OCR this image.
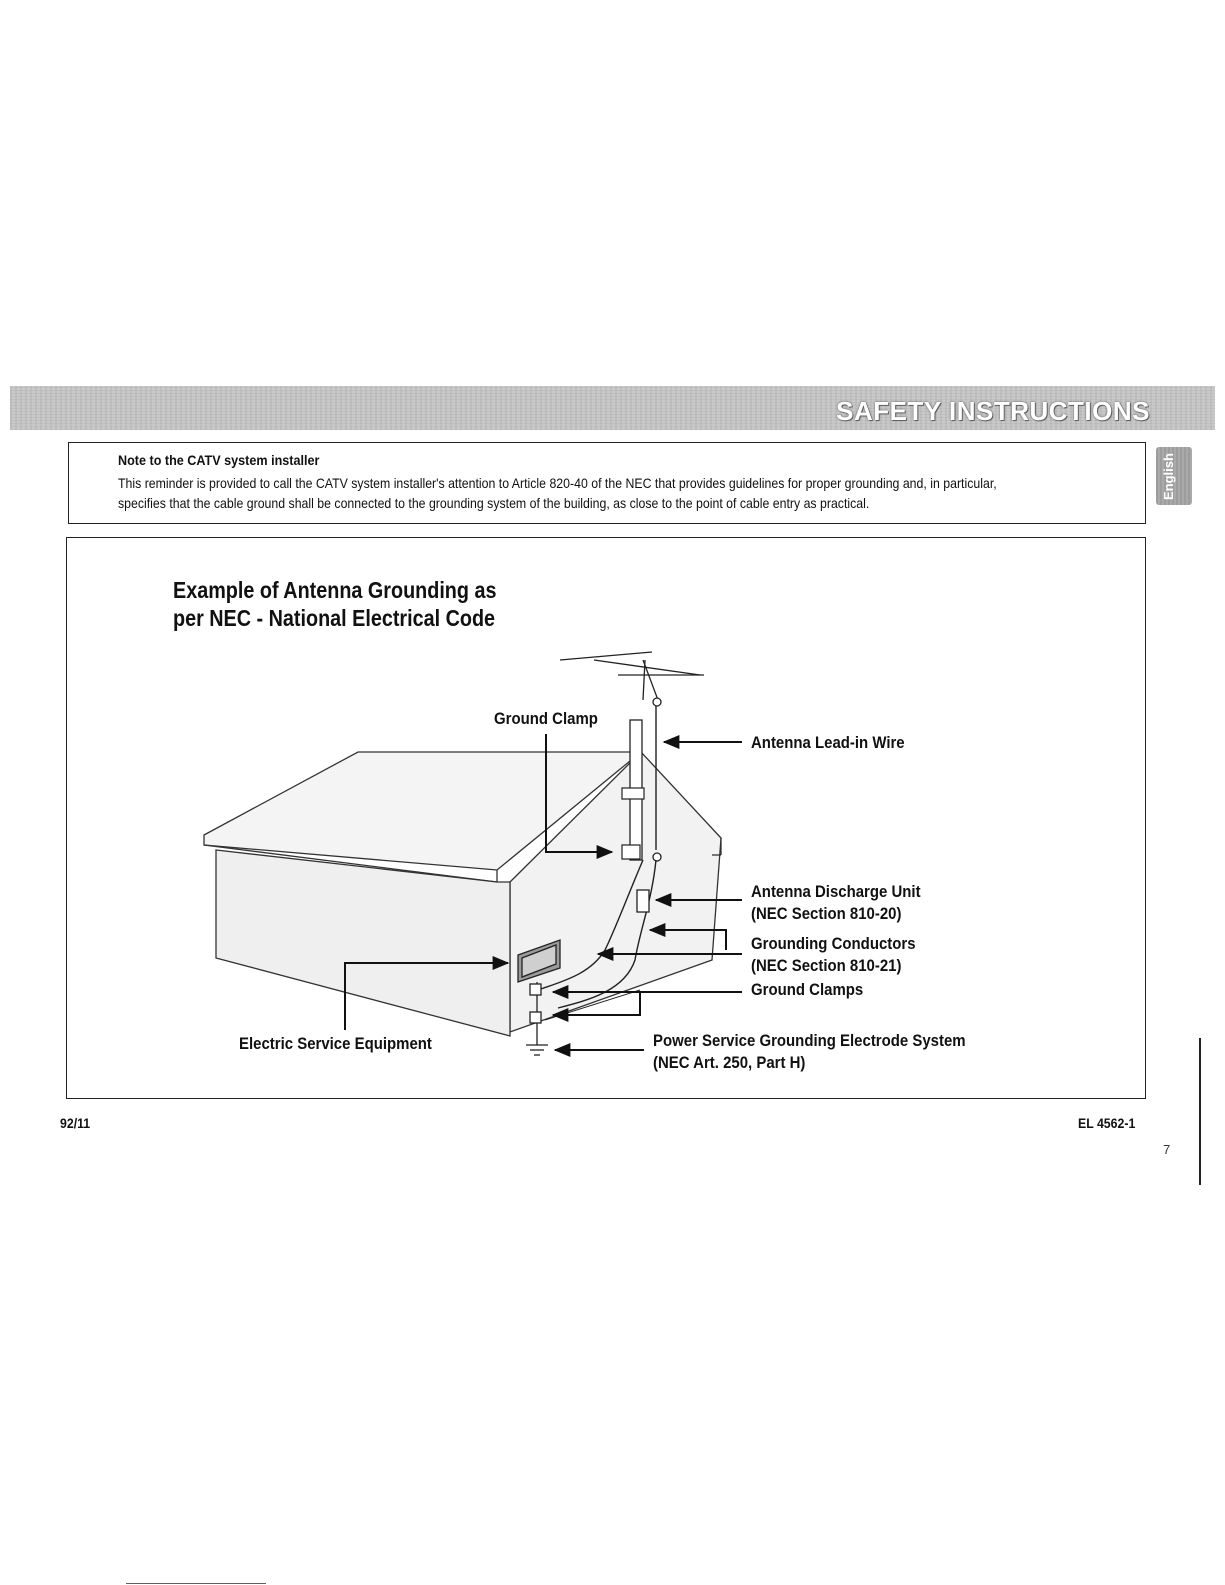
SAFETY INSTRUCTIONS
English
Note to the CATV system installer
This reminder is provided to call the CATV system installer's attention to Article 820-40 of the NEC that provides guidelines for proper grounding and, in particular,
specifies that the cable ground shall be connected to the grounding system of the building, as close to the point of cable entry as practical.
Example of Antenna Grounding as
per NEC - National Electrical Code
Ground Clamp
Antenna Lead-in Wire
Antenna Discharge Unit
(NEC Section 810-20)
Grounding Conductors
(NEC Section 810-21)
Ground Clamps
Electric Service Equipment	Power Service Grounding Electrode System
(NEC Art. 250, Part H)
92/11	EL 4562-1
7
